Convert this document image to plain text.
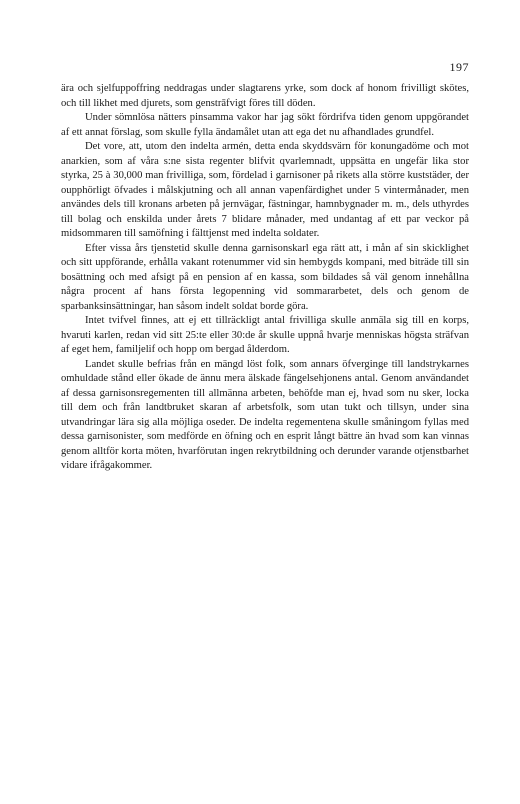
197

ära och sjelfuppoffring neddragas under slagtarens yrke, som dock af honom frivilligt skötes, och till likhet med djurets, som genstrāfvigt föres till döden.

Under sömnlösa nätters pinsamma vakor har jag sökt fördrifva tiden genom uppgörandet af ett annat förslag, som skulle fylla ändamålet utan att ega det nu afhandlades grundfel.

Det vore, att, utom den indelta armén, detta enda skyddsvärn för konungadöme och mot anarkien, som af våra s:ne sista regenter blifvit qvarlemnadt, uppsätta en ungefär lika stor styrka, 25 à 30,000 man frivilliga, som, fördelad i garnisoner på rikets alla större kuststäder, der oupphörligt öfvades i målskjutning och all annan vapenfärdighet under 5 vintermånader, men användes dels till kronans arbeten på jernvägar, fästningar, hamnbygnader m. m., dels uthyrdes till bolag och enskilda under årets 7 blidare månader, med undantag af ett par veckor på midsommaren till samöfning i fälttjenst med indelta soldater.

Efter vissa års tjenstetid skulle denna garnisonskarl ega rätt att, i mån af sin skicklighet och sitt uppförande, erhålla vakant rotenummer vid sin hembygds kompani, med biträde till sin bosättning och med afsigt på en pension af en kassa, som bildades så väl genom innehållna några procent af hans första legopenning vid sommararbetet, dels och genom de sparbanksinsättningar, han såsom indelt soldat borde göra.

Intet tvifvel finnes, att ej ett tillräckligt antal frivilliga skulle anmäla sig till en korps, hvaruti karlen, redan vid sitt 25:te eller 30:de år skulle uppnå hvarje menniskas högsta sträfvan af eget hem, familjelif och hopp om bergad ålderdom.

Landet skulle befrias från en mängd löst folk, som annars öfverginge till landstrykarnes omhuldade stånd eller ökade de ännu mera älskade fängelsehjonens antal. Genom användandet af dessa garnisonsregementen till allmänna arbeten, behöfde man ej, hvad som nu sker, locka till dem och från landtbruket skaran af arbetsfolk, som utan tukt och tillsyn, under sina utvandringar lära sig alla möjliga oseder. De indelta regementena skulle småningom fyllas med dessa garnisonister, som medförde en öfning och en esprit långt bättre än hvad som kan vinnas genom alltför korta möten, hvarförutan ingen rekrytbildning och derunder varande otjenstbarhet vidare ifrågakommer.
